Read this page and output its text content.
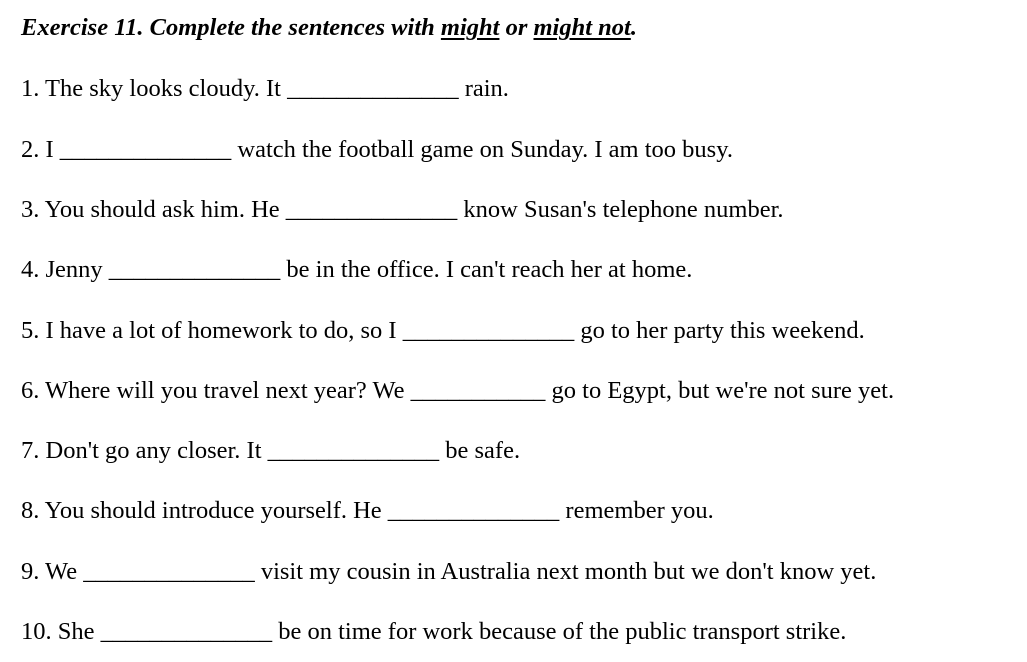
Exercise 11. Complete the sentences with might or might not.
1. The sky looks cloudy. It ______________ rain.
2. I ______________ watch the football game on Sunday. I am too busy.
3. You should ask him. He ______________ know Susan's telephone number.
4. Jenny ______________ be in the office. I can't reach her at home.
5. I have a lot of homework to do, so I ______________ go to her party this weekend.
6. Where will you travel next year? We ___________ go to Egypt, but we're not sure yet.
7. Don't go any closer. It ______________ be safe.
8. You should introduce yourself. He ______________ remember you.
9. We ______________ visit my cousin in Australia next month but we don't know yet.
10. She ______________ be on time for work because of the public transport strike.
